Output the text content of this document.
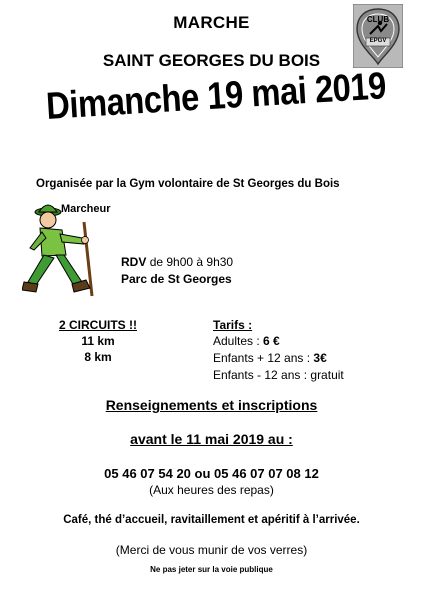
MARCHE
SAINT GEORGES DU BOIS
CLUB
EPGV
Dimanche 19 mai 2019
Organisée par la Gym volontaire de St Georges du Bois
Marcheur
RDV de 9h00 à 9h30
Parc de St Georges
2 CIRCUITS !!
11 km
8 km
Tarifs :
Adultes : 6 €
Enfants + 12 ans : 3€
Enfants - 12 ans : gratuit
Renseignements et inscriptions
avant le 11 mai 2019 au :
05 46 07 54 20 ou 05 46 07 07 08 12
(Aux heures des repas)
Café, thé d’accueil, ravitaillement et apéritif à l’arrivée.
(Merci de vous munir de vos verres)
Ne pas jeter sur la voie publique
